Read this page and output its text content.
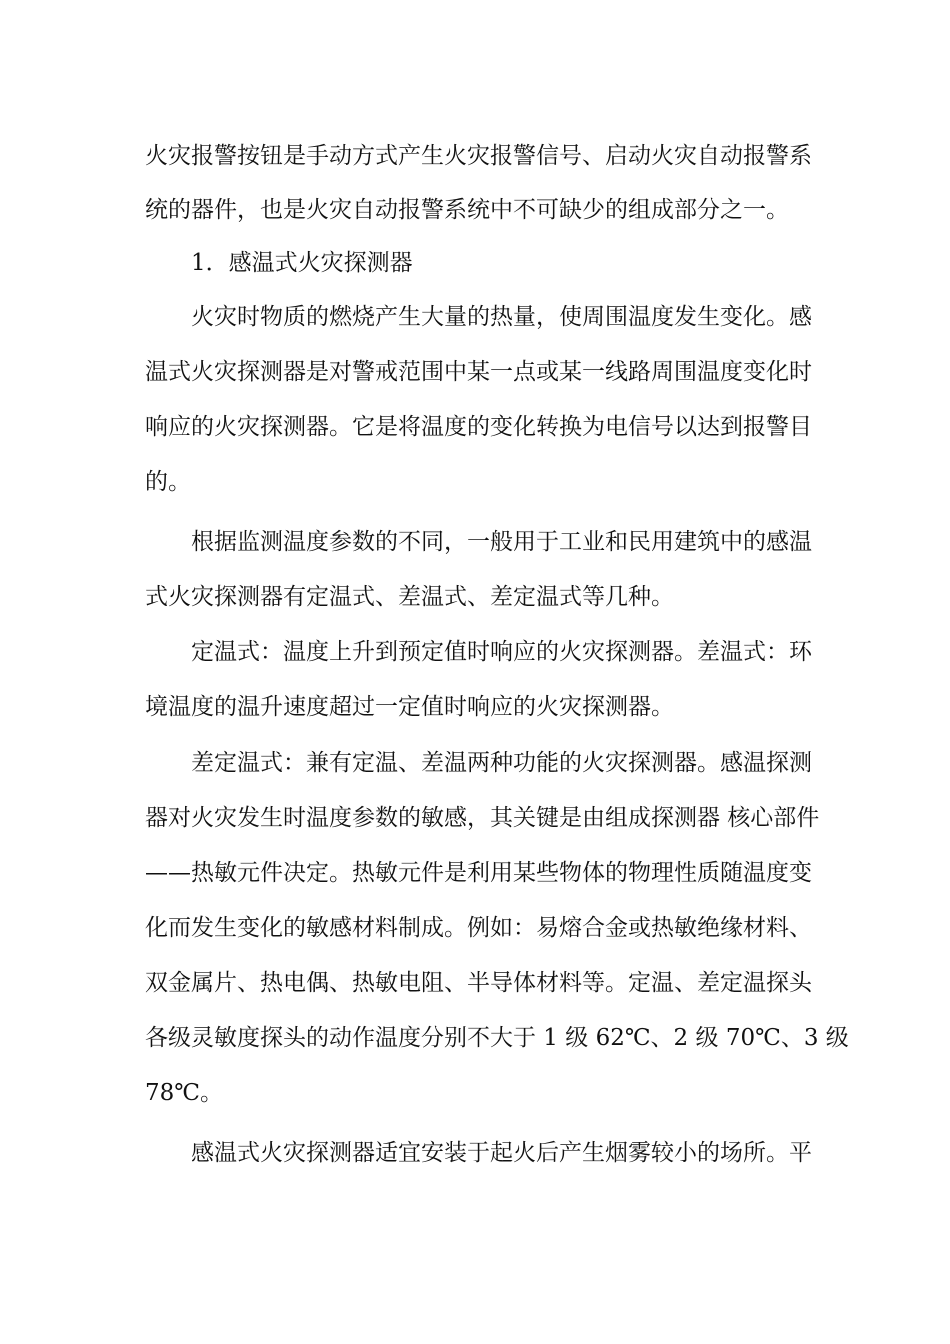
火灾报警按钮是手动方式产生火灾报警信号、启动火灾自动报警系
统的器件，也是火灾自动报警系统中不可缺少的组成部分之一。
1．感温式火灾探测器
火灾时物质的燃烧产生大量的热量，使周围温度发生变化。感
温式火灾探测器是对警戒范围中某一点或某一线路周围温度变化时
响应的火灾探测器。它是将温度的变化转换为电信号以达到报警目
的。
根据监测温度参数的不同，一般用于工业和民用建筑中的感温
式火灾探测器有定温式、差温式、差定温式等几种。
定温式：温度上升到预定值时响应的火灾探测器。差温式：环
境温度的温升速度超过一定值时响应的火灾探测器。
差定温式：兼有定温、差温两种功能的火灾探测器。感温探测
器对火灾发生时温度参数的敏感，其关键是由组成探测器 核心部件
——热敏元件决定。热敏元件是利用某些物体的物理性质随温度变
化而发生变化的敏感材料制成。例如：易熔合金或热敏绝缘材料、
双金属片、热电偶、热敏电阻、半导体材料等。定温、差定温探头
各级灵敏度探头的动作温度分别不大于 1 级 62℃、2 级 70℃、3 级
78℃。
感温式火灾探测器适宜安装于起火后产生烟雾较小的场所。平
